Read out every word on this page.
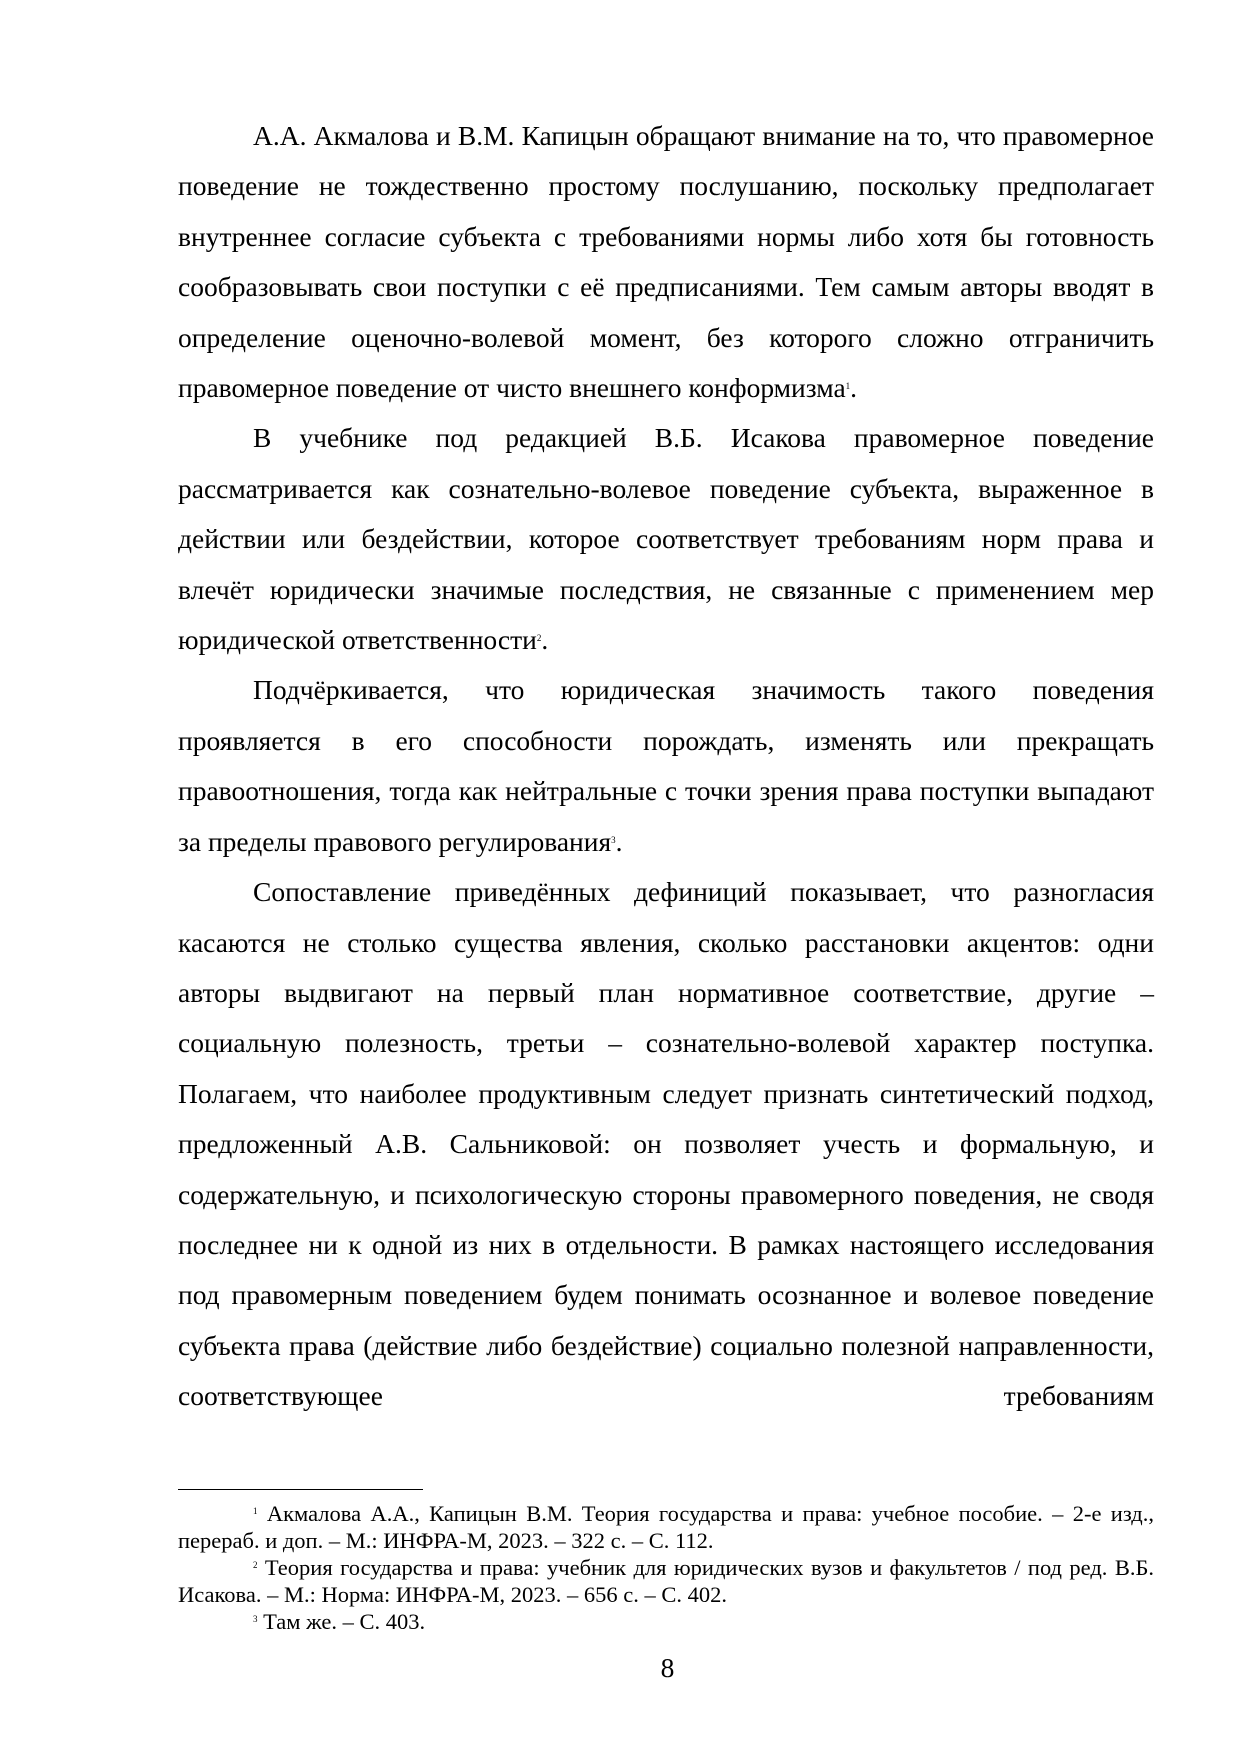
А.А. Акмалова и В.М. Капицын обращают внимание на то, что правомерное поведение не тождественно простому послушанию, поскольку предполагает внутреннее согласие субъекта с требованиями нормы либо хотя бы готовность сообразовывать свои поступки с её предписаниями. Тем самым авторы вводят в определение оценочно-волевой момент, без которого сложно отграничить правомерное поведение от чисто внешнего конформизма$^1$.

В учебнике под редакцией В.Б. Исакова правомерное поведение рассматривается как сознательно-волевое поведение субъекта, выраженное в действии или бездействии, которое соответствует требованиям норм права и влечёт юридически значимые последствия, не связанные с применением мер юридической ответственности$^2$.

Подчёркивается, что юридическая значимость такого поведения проявляется в его способности порождать, изменять или прекращать правоотношения, тогда как нейтральные с точки зрения права поступки выпадают за пределы правового регулирования$^3$.

Сопоставление приведённых дефиниций показывает, что разногласия касаются не столько существа явления, сколько расстановки акцентов: одни авторы выдвигают на первый план нормативное соответствие, другие – социальную полезность, третьи – сознательно-волевой характер поступка. Полагаем, что наиболее продуктивным следует признать синтетический подход, предложенный А.В. Сальниковой: он позволяет учесть и формальную, и содержательную, и психологическую стороны правомерного поведения, не сводя последнее ни к одной из них в отдельности. В рамках настоящего исследования под правомерным поведением будем понимать осознанное и волевое поведение субъекта права (действие либо бездействие) социально полезной направленности, соответствующее требованиям

$^1$ Акмалова А.А., Капицын В.М. Теория государства и права: учебное пособие. – 2-е изд., перераб. и доп. – М.: ИНФРА-М, 2023. – 322 с. – С. 112.

$^2$ Теория государства и права: учебник для юридических вузов и факультетов / под ред. В.Б. Исакова. – М.: Норма: ИНФРА-М, 2023. – 656 с. – С. 402.

$^3$ Там же. – С. 403.

8
